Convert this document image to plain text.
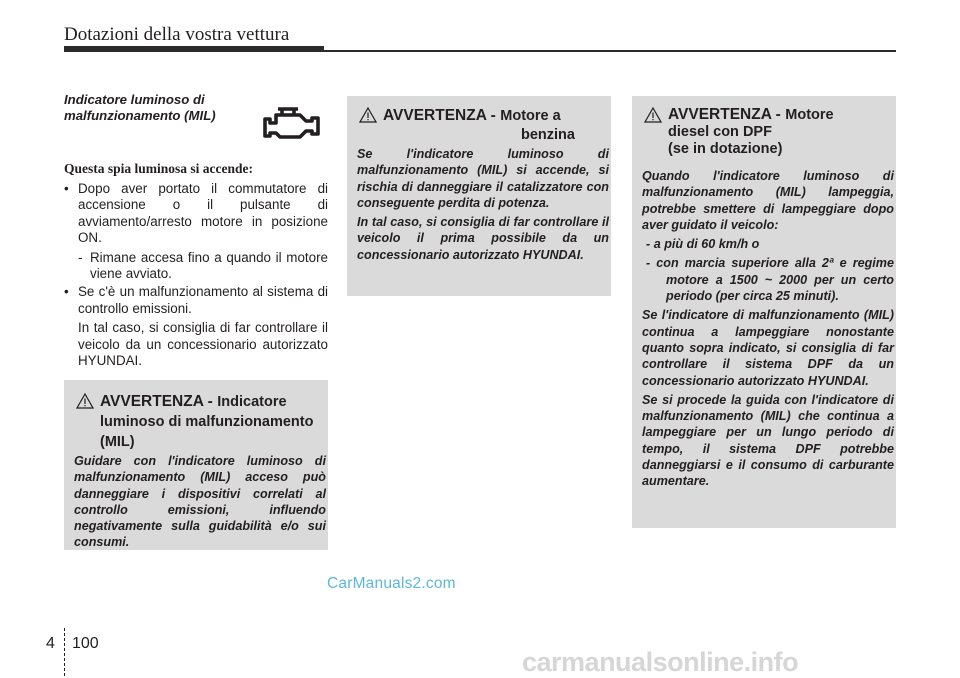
Dotazioni della vostra vettura
Indicatore luminoso di malfunzionamento (MIL)
Questa spia luminosa si accende:
• Dopo aver portato il commutatore di accensione o il pulsante di avviamento/arresto motore in posizione ON.
- Rimane accesa fino a quando il motore viene avviato.
• Se c'è un malfunzionamento al sistema di controllo emissioni.
In tal caso, si consiglia di far controllare il veicolo da un concessionario autorizzato HYUNDAI.
AVVERTENZA - Indicatore luminoso di malfunzionamento (MIL)

Guidare con l'indicatore luminoso di malfunzionamento (MIL) acceso può danneggiare i dispositivi correlati al controllo emissioni, influendo negativamente sulla guidabilità e/o sui consumi.

AVVERTENZA - Motore a
benzina

Se l'indicatore luminoso di malfunzionamento (MIL) si accende, si rischia di danneggiare il catalizzatore con conseguente perdita di potenza.

In tal caso, si consiglia di far controllare il veicolo il prima possibile da un concessionario autorizzato HYUNDAI.

AVVERTENZA - Motore
diesel con DPF
(se in dotazione)

Quando l'indicatore luminoso di malfunzionamento (MIL) lampeggia, potrebbe smettere di lampeggiare dopo aver guidato il veicolo:

- a più di 60 km/h o

- con marcia superiore alla 2ª e regime motore a 1500 ~ 2000 per un certo periodo (per circa 25 minuti).

Se l'indicatore di malfunzionamento (MIL) continua a lampeggiare nonostante quanto sopra indicato, si consiglia di far controllare il sistema DPF da un concessionario autorizzato HYUNDAI.

Se si procede la guida con l'indicatore di malfunzionamento (MIL) che continua a lampeggiare per un lungo periodo di tempo, il sistema DPF potrebbe danneggiarsi e il consumo di carburante aumentare.

CarManuals2.com
4 100
carmanualsonline.info
